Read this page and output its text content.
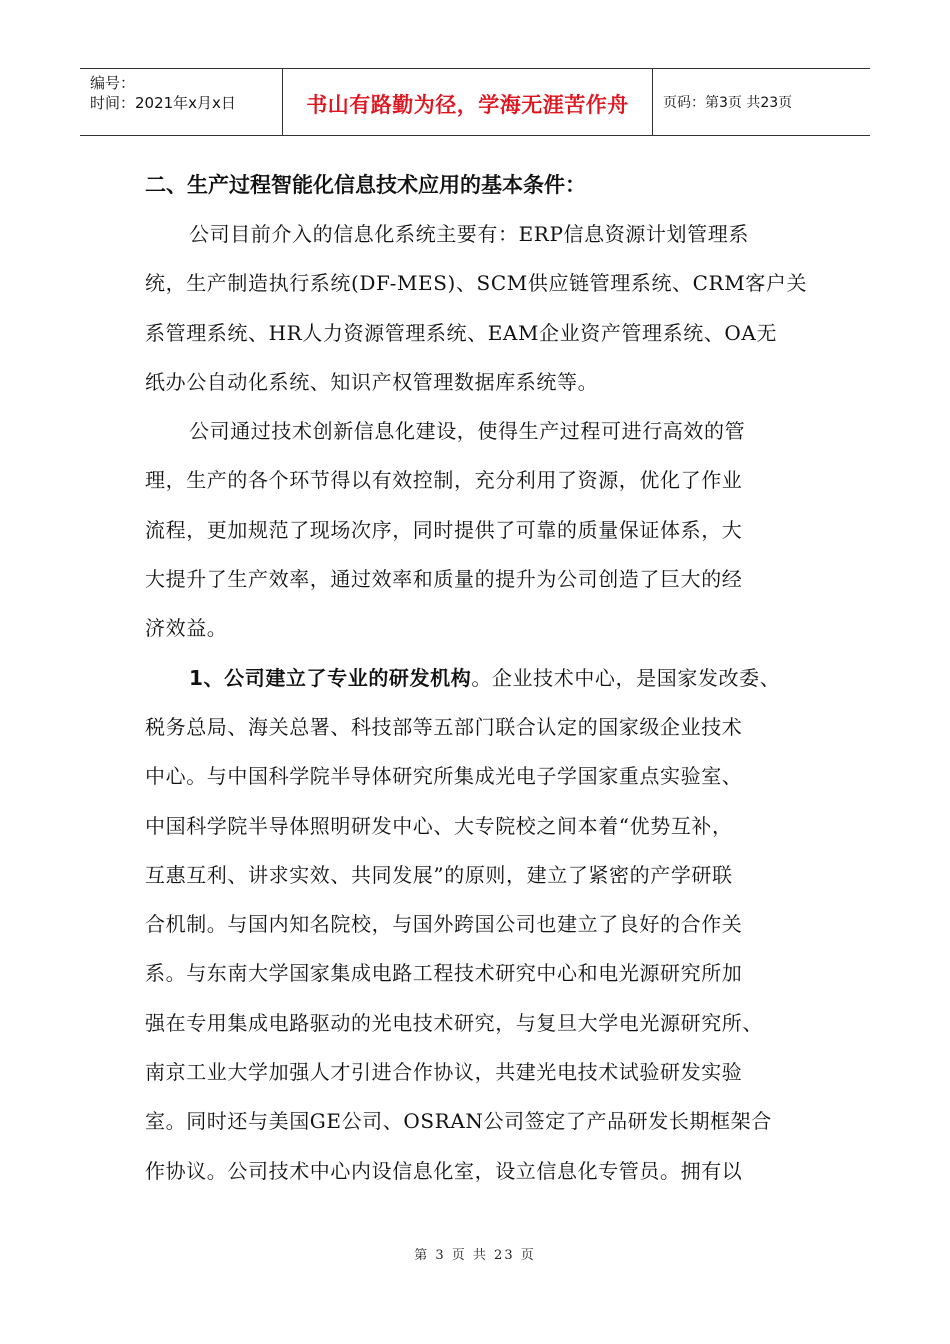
编号：
时间：2021年x月x日	书山有路勤为径，学海无涯苦作舟 页码：第3页 共23页

二、生产过程智能化信息技术应用的基本条件：

公司目前介入的信息化系统主要有：ERP信息资源计划管理系
统，生产制造执行系统(DF-MES)、SCM供应链管理系统、CRM客户关
系管理系统、HR人力资源管理系统、EAM企业资产管理系统、OA无
纸办公自动化系统、知识产权管理数据库系统等。

公司通过技术创新信息化建设，使得生产过程可进行高效的管
理，生产的各个环节得以有效控制，充分利用了资源，优化了作业
流程，更加规范了现场次序，同时提供了可靠的质量保证体系，大
大提升了生产效率，通过效率和质量的提升为公司创造了巨大的经
济效益。

1、公司建立了专业的研发机构。企业技术中心，是国家发改委、
税务总局、海关总署、科技部等五部门联合认定的国家级企业技术
中心。与中国科学院半导体研究所集成光电子学国家重点实验室、
中国科学院半导体照明研发中心、大专院校之间本着“优势互补，
互惠互利、讲求实效、共同发展”的原则，建立了紧密的产学研联
合机制。与国内知名院校，与国外跨国公司也建立了良好的合作关
系。与东南大学国家集成电路工程技术研究中心和电光源研究所加
强在专用集成电路驱动的光电技术研究，与复旦大学电光源研究所、
南京工业大学加强人才引进合作协议，共建光电技术试验研发实验
室。同时还与美国GE公司、OSRAN公司签定了产品研发长期框架合
作协议。公司技术中心内设信息化室，设立信息化专管员。拥有以

第 3 页 共 23 页
